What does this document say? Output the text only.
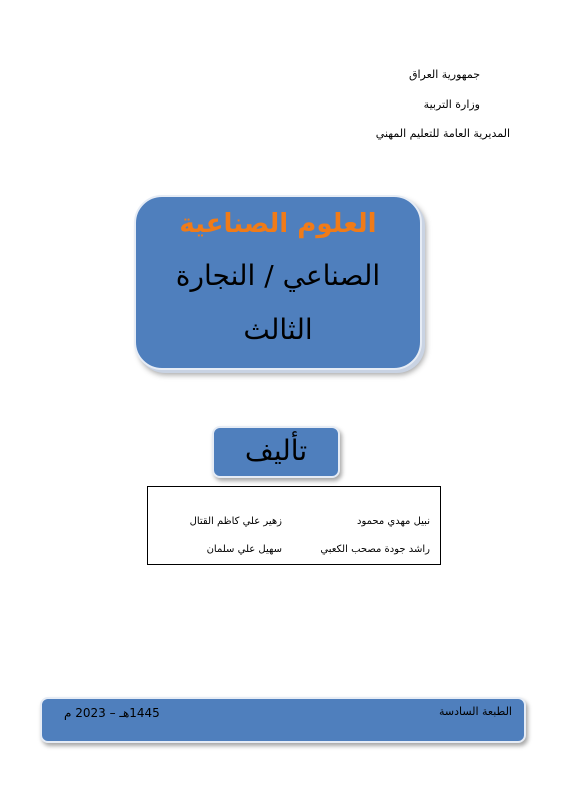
جمهورية العراق
وزارة التربية
المديرية العامة للتعليم المهني
العلوم الصناعية
الصناعي / النجارة
الثالث
تأليف
نبيل مهدي محمود
زهير علي كاظم القتال
راشد جودة مصحب الكعبي
سهيل علي سلمان
الطبعة السادسة
1445هـ – 2023 م
